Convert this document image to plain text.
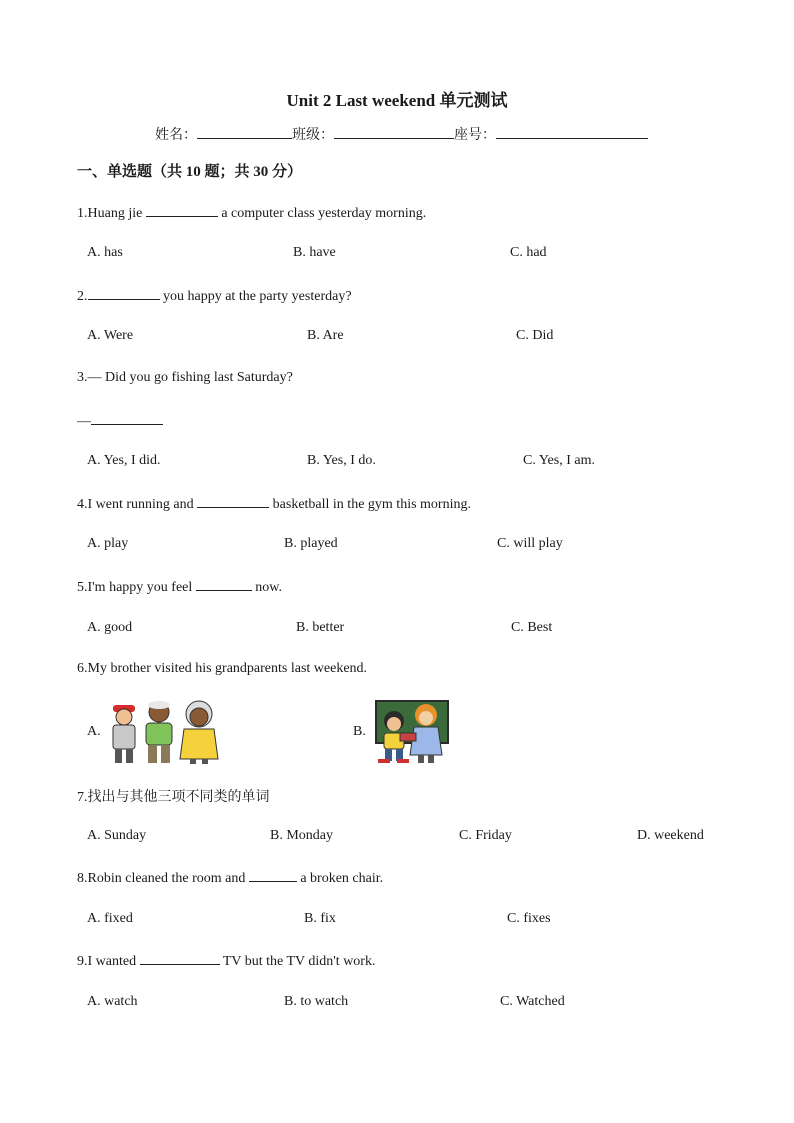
Unit 2 Last weekend 单元测试
姓名：	班级：	座号：
一、单选题（共 10 题；共 30 分）
1.Huang jie	a computer class yesterday morning.
A. has	B. have	C. had
2.	you happy at the party yesterday?
A. Were	B. Are	C. Did
3.— Did you go fishing last Saturday?
—
A. Yes, I did.	B. Yes, I do.	C. Yes, I am.
4.I went running and	basketball in the gym this morning.
A. play	B. played	C. will play
5.I'm happy you feel	now.
A. good	B. better	C. Best
6.My brother visited his grandparents last weekend.
A.	B.
7.找出与其他三项不同类的单词
A. Sunday	B. Monday	C. Friday	D. weekend
8.Robin cleaned the room and	a broken chair.
A. fixed	B. fix	C. fixes
9.I wanted	TV but the TV didn't work.
A. watch	B. to watch	C. Watched
